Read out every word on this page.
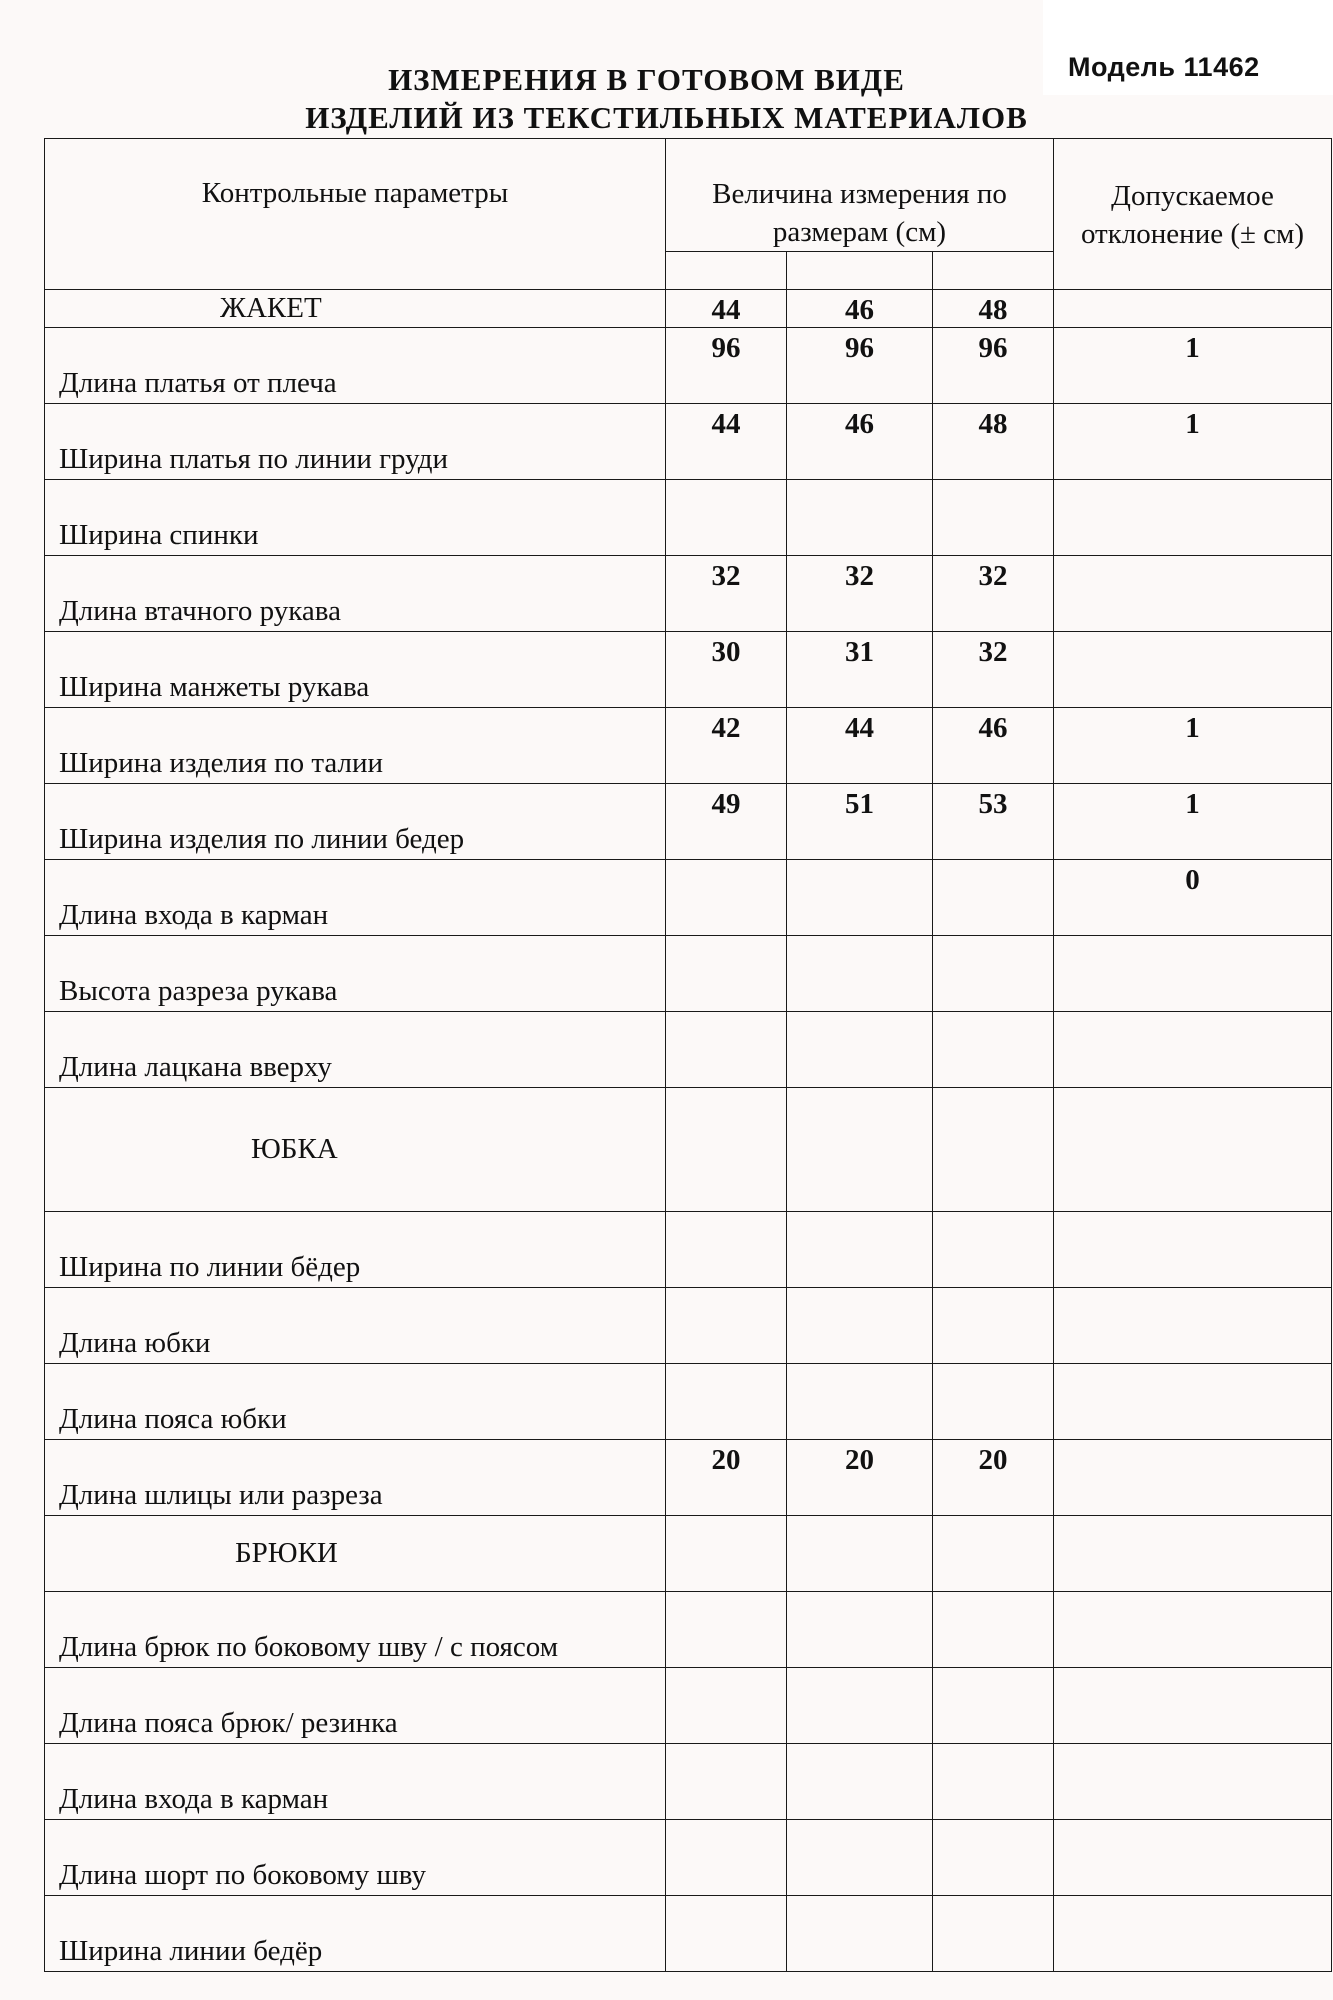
Модель 11462
ИЗМЕРЕНИЯ В ГОТОВОМ ВИДЕ
ИЗДЕЛИЙ ИЗ ТЕКСТИЛЬНЫХ МАТЕРИАЛОВ
Контрольные параметры	Величина измерения по размерам (см)			Допускаемое отклонение (± см)

ЖАКЕТ	44	46	48	

Длина платья от плеча	96	96	96	1

Ширина платья по линии груди	44	46	48	1

Ширина спинки				

Длина втачного рукава	32	32	32	

Ширина манжеты рукава	30	31	32	

Ширина изделия по талии	42	44	46	1

Ширина изделия по линии бедер	49	51	53	1

Длина входа в карман				0

Высота разреза рукава				

Длина лацкана вверху				

ЮБКА				

Ширина по линии бёдер				

Длина юбки				

Длина пояса юбки				

Длина шлицы или разреза	20	20	20	

БРЮКИ				

Длина брюк по боковому шву / с поясом				

Длина пояса брюк/ резинка				

Длина входа в карман				

Длина шорт по боковому шву				

Ширина линии бедёр				
